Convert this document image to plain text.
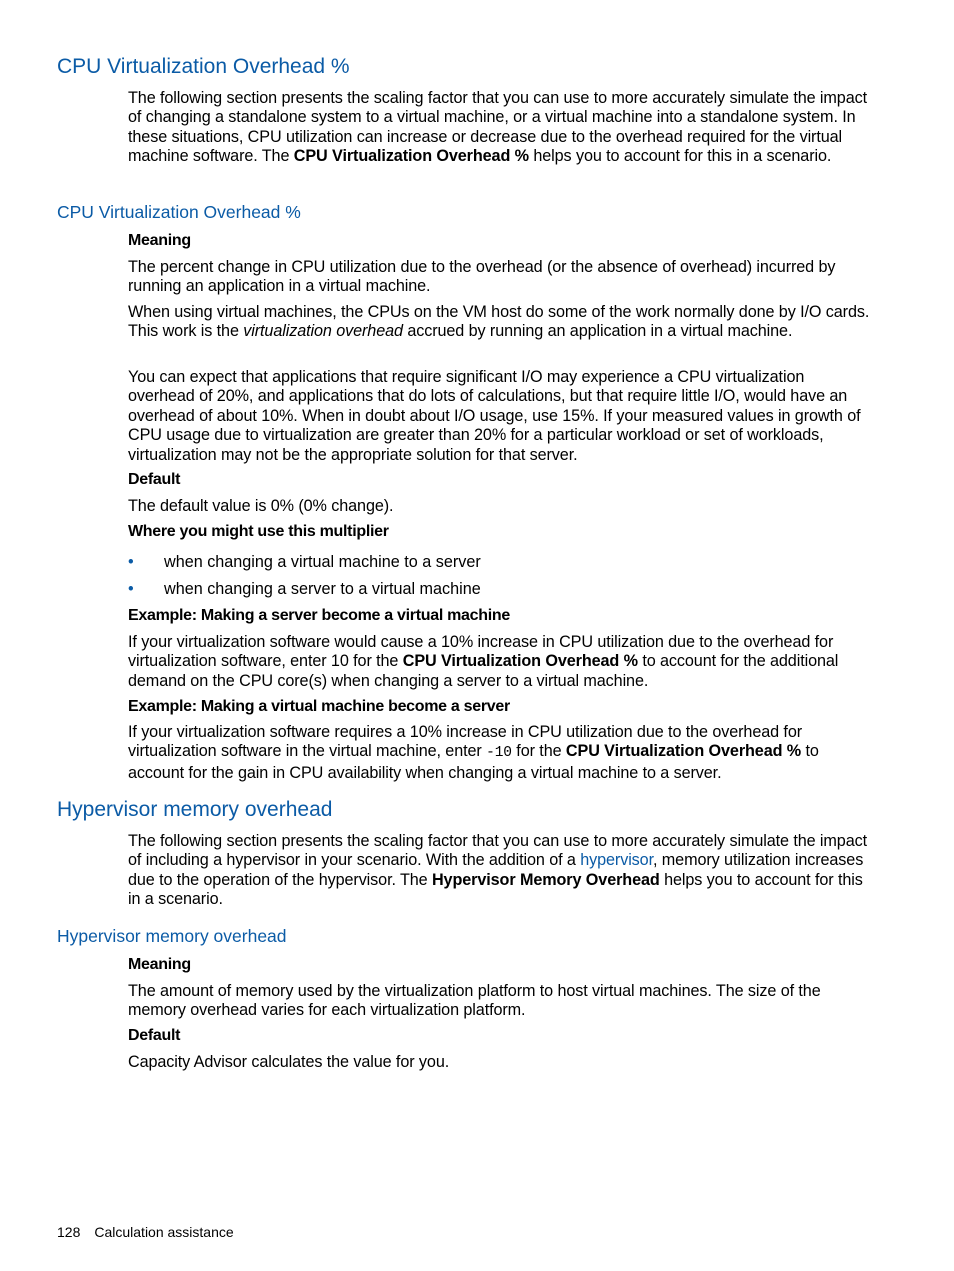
CPU Virtualization Overhead %

The following section presents the scaling factor that you can use to more accurately simulate the impact of changing a standalone system to a virtual machine, or a virtual machine into a standalone system. In these situations, CPU utilization can increase or decrease due to the overhead required for the virtual machine software. The CPU Virtualization Overhead % helps you to account for this in a scenario.

CPU Virtualization Overhead %
Meaning

The percent change in CPU utilization due to the overhead (or the absence of overhead) incurred by running an application in a virtual machine.

When using virtual machines, the CPUs on the VM host do some of the work normally done by I/O cards. This work is the virtualization overhead accrued by running an application in a virtual machine.

You can expect that applications that require significant I/O may experience a CPU virtualization overhead of 20%, and applications that do lots of calculations, but that require little I/O, would have an overhead of about 10%. When in doubt about I/O usage, use 15%. If your measured values in growth of CPU usage due to virtualization are greater than 20% for a particular workload or set of workloads, virtualization may not be the appropriate solution for that server.

Default

The default value is 0% (0% change).

Where you might use this multiplier
•	when changing a virtual machine to a server
•	when changing a server to a virtual machine
Example: Making a server become a virtual machine

If your virtualization software would cause a 10% increase in CPU utilization due to the overhead for virtualization software, enter 10 for the CPU Virtualization Overhead % to account for the additional demand on the CPU core(s) when changing a server to a virtual machine.

Example: Making a virtual machine become a server

If your virtualization software requires a 10% increase in CPU utilization due to the overhead for virtualization software in the virtual machine, enter -10 for the CPU Virtualization Overhead % to account for the gain in CPU availability when changing a virtual machine to a server.

Hypervisor memory overhead

The following section presents the scaling factor that you can use to more accurately simulate the impact of including a hypervisor in your scenario. With the addition of a hypervisor, memory utilization increases due to the operation of the hypervisor. The Hypervisor Memory Overhead helps you to account for this in a scenario.

Hypervisor memory overhead
Meaning

The amount of memory used by the virtualization platform to host virtual machines. The size of the memory overhead varies for each virtualization platform.

Default

Capacity Advisor calculates the value for you.

128 Calculation assistance
